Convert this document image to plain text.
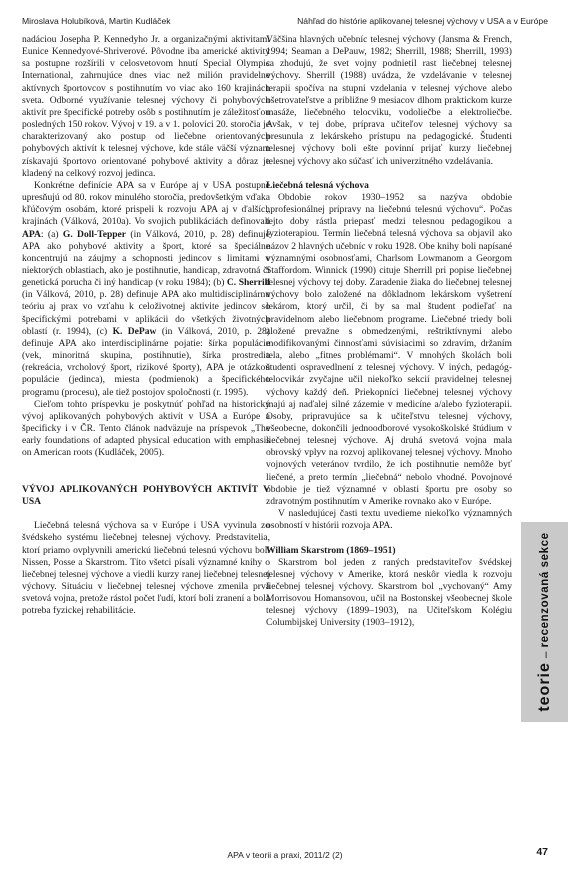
Miroslava Holubíková, Martin Kudláček	Náhľad do histórie aplikovanej telesnej výchovy v USA a v Európe

nadáciou Josepha P. Kennedyho Jr. a organizačnými aktivitami Eunice Kennedyové-Shriverové. Pôvodne iba americké aktivity sa postupne rozšírili v celosvetovom hnutí Special Olympic International, zahrnujúce dnes viac než milión pravidelne aktívnych športovcov s postihnutím vo viac ako 160 krajinách sveta. Odborné využívanie telesnej výchovy či pohybových aktivít pre špecifické potreby osôb s postihnutím je záležitosťou posledných 150 rokov. Vývoj v 19. a v 1. polovici 20. storočia je charakterizovaný ako postup od liečebne orientovaných pohybových aktivít k telesnej výchove, kde stále väčší význam získavajú športovo orientované pohybové aktivity a dôraz je kladený na celkový rozvoj jedinca.

Konkrétne definície APA sa v Európe aj v USA postupne upresňujú od 80. rokov minulého storočia, predovšetkým vďaka kľúčovým osobám, ktoré prispeli k rozvoju APA aj v ďalších krajinách (Válková, 2010a). Vo svojich publikáciách definovali APA: (a) G. Doll-Tepper (in Válková, 2010, p. 28) definuje APA ako pohybové aktivity a šport, ktoré sa špeciálne koncentrujú na záujmy a schopnosti jedincov s limitami v niektorých oblastiach, ako je postihnutie, handicap, zdravotná či genetická porucha či iný handicap (v roku 1984); (b) C. Sherrill (in Válková, 2010, p. 28) definuje APA ako multidisciplinárnu teóriu aj prax vo vzťahu k celoživotnej aktivite jedincov so špecifickými potrebami v aplikácii do všetkých životných oblastí (r. 1994), (c) K. DePaw (in Válková, 2010, p. 28) definuje APA ako interdisciplinárne pojatie: šírka populácie (vek, minoritná skupina, postihnutie), šírka prostredia (rekreácia, vrcholový šport, rizikové športy), APA je otázkou populácie (jedinca), miesta (podmienok) a špecifického programu (procesu), ale tiež postojov spoločnosti (r. 1995).

Cieľom tohto príspevku je poskytnúť pohľad na historický vývoj aplikovaných pohybových aktivít v USA a Európe a špecificky i v ČR. Tento článok nadväzuje na príspevok „The early foundations of adapted physical education with emphasis on American roots (Kudláček, 2005).

VÝVOJ APLIKOVANÝCH POHYBOVÝCH AKTIVÍT V USA

Liečebná telesná výchova sa v Európe i USA vyvinula zo švédskeho systému liečebnej telesnej výchovy. Predstavitelia, ktorí priamo ovplyvnili americkú liečebnú telesnú výchovu boli Nissen, Posse a Skarstrom. Títo všetci písali významné knihy o liečebnej telesnej výchove a viedli kurzy ranej liečebnej telesnej výchovy. Situáciu v liečebnej telesnej výchove zmenila prvá svetová vojna, pretože rástol počet ľudí, ktorí boli zranení a bola potreba fyzickej rehabilitácie.

Väčšina hlavných učebníc telesnej výchovy (Jansma & French, 1994; Seaman a DePauw, 1982; Sherrill, 1988; Sherrill, 1993) sa zhodujú, že svet vojny podnietil rast liečebnej telesnej výchovy. Sherrill (1988) uvádza, že vzdelávanie v telesnej terapii spočíva na stupni vzdelania v telesnej výchove alebo ošetrovateľstve a približne 9 mesiacov dlhom praktickom kurze masáže, liečebného telocviku, vodoliečbe a elektroliečbe. Avšak, v tej dobe, príprava učiteľov telesnej výchovy sa presunula z lekárskeho prístupu na pedagogické. Študenti telesnej výchovy boli ešte povinní prijať kurzy liečebnej telesnej výchovy ako súčasť ich univerzitného vzdelávania.

Liečebná telesná výchova

Obdobie rokov 1930–1952 sa nazýva obdobie „profesionálnej prípravy na liečebnú telesnú výchovu“. Počas tejto doby rástla priepasť medzi telesnou pedagogikou a fyzioterapiou. Termín liečebná telesná výchova sa objavil ako názov 2 hlavných učebníc v roku 1928. Obe knihy boli napísané významnými osobnosťami, Charlsom Lowmanom a Georgom Staffordom. Winnick (1990) cituje Sherrill pri popise liečebnej telesnej výchovy tej doby. Zaradenie žiaka do liečebnej telesnej výchovy bolo založené na dôkladnom lekárskom vyšetrení lekárom, ktorý určil, či by sa mal študent podieľať na pravidelnom alebo liečebnom programe. Liečebné triedy boli zložené prevažne s obmedzenými, reštriktívnymi alebo modifikovanými činnosťami súvisiacimi so zdravím, držaním tela, alebo „fitnes problémami“. V mnohých školách boli študenti ospravedlnení z telesnej výchovy. V iných, pedagóg-telocvikár zvyčajne učil niekoľko sekcií pravidelnej telesnej výchovy každý deň. Priekopníci liečebnej telesnej výchovy majú aj naďalej silné zázemie v medicíne a/alebo fyzioterapii. Osoby, pripravujúce sa k učiteľstvu telesnej výchovy, všeobecne, dokončili jednoodborové vysokoškolské štúdium v liečebnej telesnej výchove. Aj druhá svetová vojna mala obrovský vplyv na rozvoj aplikovanej telesnej výchovy. Mnoho vojnových veteránov tvrdilo, že ich postihnutie nemôže byť liečené, a preto termín „liečebná“ nebolo vhodné. Povojnové obdobie je tiež významné v oblasti športu pre osoby so zdravotným postihnutím v Amerike rovnako ako v Európe.

V nasledujúcej časti textu uvedieme niekoľko významných osobností v histórii rozvoja APA.

William Skarstrom (1869–1951)

Skarstrom bol jeden z raných predstaviteľov švédskej telesnej výchovy v Amerike, ktorá neskôr viedla k rozvoju liečebnej telesnej výchovy. Skarstrom bol „vychovaný“ Amy Morrisovou Homansovou, učil na Bostonskej všeobecnej škole telesnej výchovy (1899–1903), na Učiteľskom Kolégiu Columbijskej University (1903–1912),

teorie
–
recenzovaná sekce
APA v teorii a praxi, 2011/2 (2)	47
